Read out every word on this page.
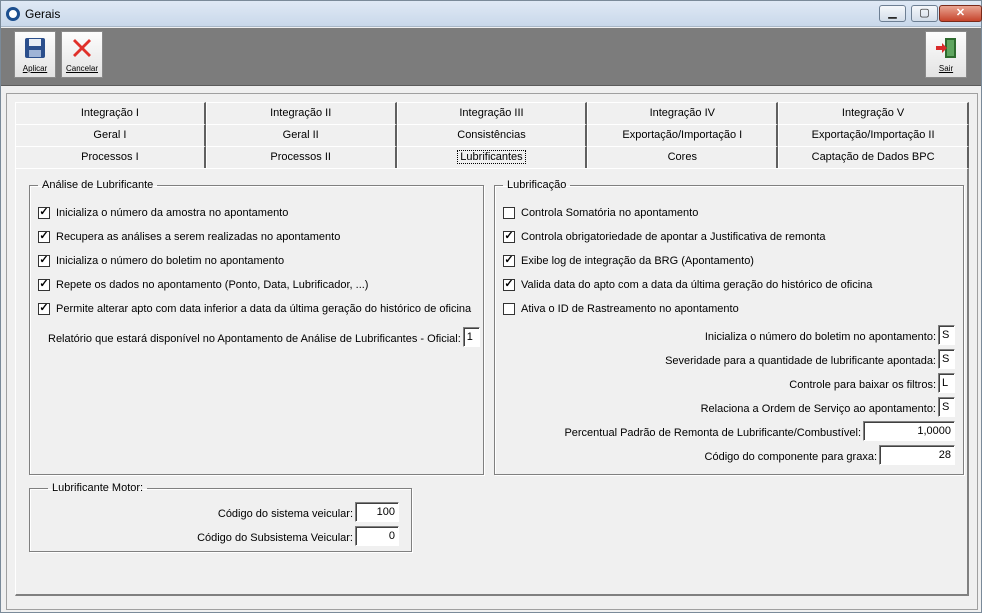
Gerais	▁	▢	✕
Aplicar	Cancelar	Sair
Integração I	Integração II	Integração III	Integração IV	Integração V
Geral I	Geral II	Consistências	Exportação/Importação I	Exportação/Importação II
Processos I	Processos II	Lubrificantes	Cores	Captação de Dados BPC
Análise de Lubrificante
✓ Inicializa o número da amostra no apontamento
✓ Recupera as análises a serem realizadas no apontamento
✓ Inicializa o número do boletim no apontamento
✓ Repete os dados no apontamento (Ponto, Data, Lubrificador, ...)
✓ Permite alterar apto com data inferior a data da última geração do histórico de oficina
Relatório que estará disponível no Apontamento de Análise de Lubrificantes - Oficial: 1
Lubrificação
Controla Somatória no apontamento
✓ Controla obrigatoriedade de apontar a Justificativa de remonta
✓ Exibe log de integração da BRG (Apontamento)
✓ Valida data do apto com a data da última geração do histórico de oficina
Ativa o ID de Rastreamento no apontamento
Inicializa o número do boletim no apontamento: S
Severidade para a quantidade de lubrificante apontada: S
Controle para baixar os filtros: L
Relaciona a Ordem de Serviço ao apontamento: S
Percentual Padrão de Remonta de Lubrificante/Combustível:	1,0000
Código do componente para graxa:	28
Lubrificante Motor:
Código do sistema veicular:	100
Código do Subsistema Veicular:	0
